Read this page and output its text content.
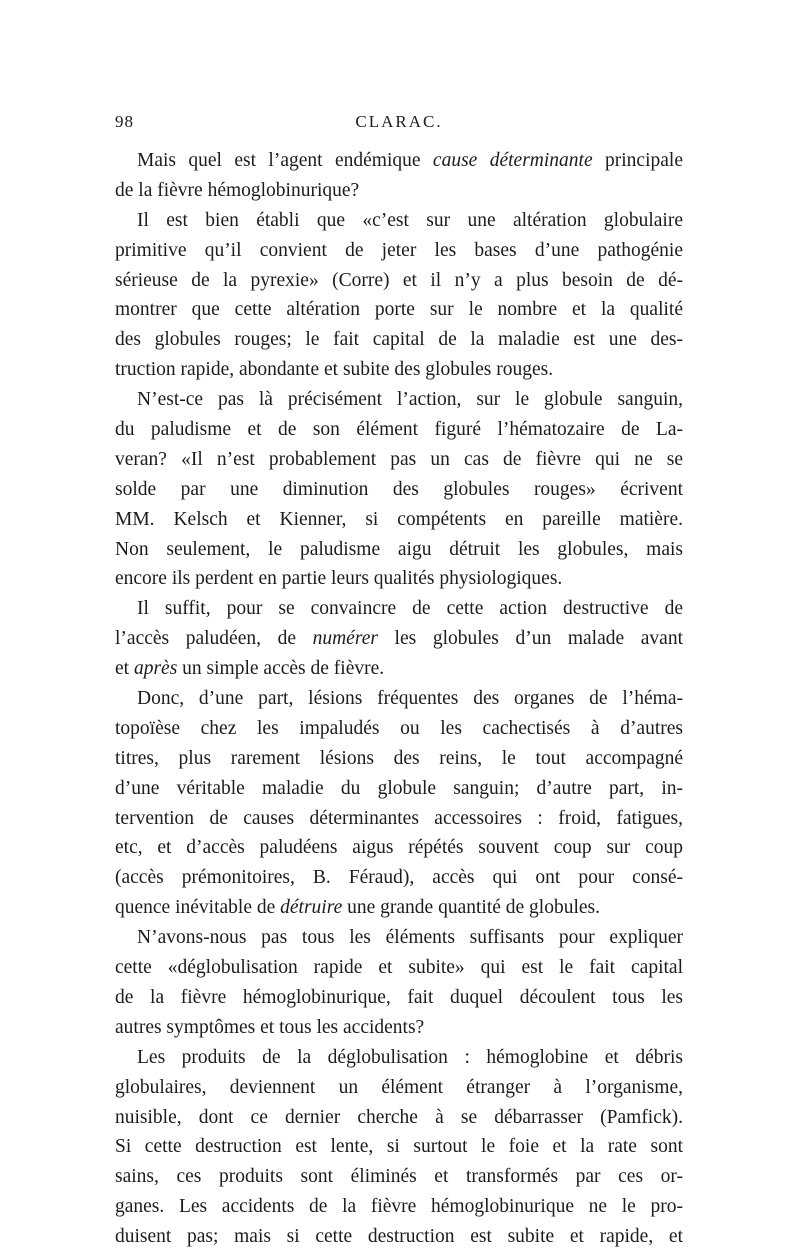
98	CLARAC.
Mais quel est l’agent endémique cause déterminante principale
de la fièvre hémoglobinurique?
Il est bien établi que «c’est sur une altération globulaire
primitive qu’il convient de jeter les bases d’une pathogénie
sérieuse de la pyrexie» (Corre) et il n’y a plus besoin de dé-
montrer que cette altération porte sur le nombre et la qualité
des globules rouges; le fait capital de la maladie est une des-
truction rapide, abondante et subite des globules rouges.
N’est-ce pas là précisément l’action, sur le globule sanguin,
du paludisme et de son élément figuré l’hématozaire de La-
veran? «Il n’est probablement pas un cas de fièvre qui ne se
solde par une diminution des globules rouges» écrivent
MM. Kelsch et Kienner, si compétents en pareille matière.
Non seulement, le paludisme aigu détruit les globules, mais
encore ils perdent en partie leurs qualités physiologiques.
Il suffit, pour se convaincre de cette action destructive de
l’accès paludéen, de numérer les globules d’un malade avant
et après un simple accès de fièvre.
Donc, d’une part, lésions fréquentes des organes de l’héma-
topoïèse chez les impaludés ou les cachectisés à d’autres
titres, plus rarement lésions des reins, le tout accompagné
d’une véritable maladie du globule sanguin; d’autre part, in-
tervention de causes déterminantes accessoires : froid, fatigues,
etc, et d’accès paludéens aigus répétés souvent coup sur coup
(accès prémonitoires, B. Féraud), accès qui ont pour consé-
quence inévitable de détruire une grande quantité de globules.
N’avons-nous pas tous les éléments suffisants pour expliquer
cette «déglobulisation rapide et subite» qui est le fait capital
de la fièvre hémoglobinurique, fait duquel découlent tous les
autres symptômes et tous les accidents?
Les produits de la déglobulisation : hémoglobine et débris
globulaires, deviennent un élément étranger à l’organisme,
nuisible, dont ce dernier cherche à se débarrasser (Pamfick).
Si cette destruction est lente, si surtout le foie et la rate sont
sains, ces produits sont éliminés et transformés par ces or-
ganes. Les accidents de la fièvre hémoglobinurique ne le pro-
duisent pas; mais si cette destruction est subite et rapide, et
